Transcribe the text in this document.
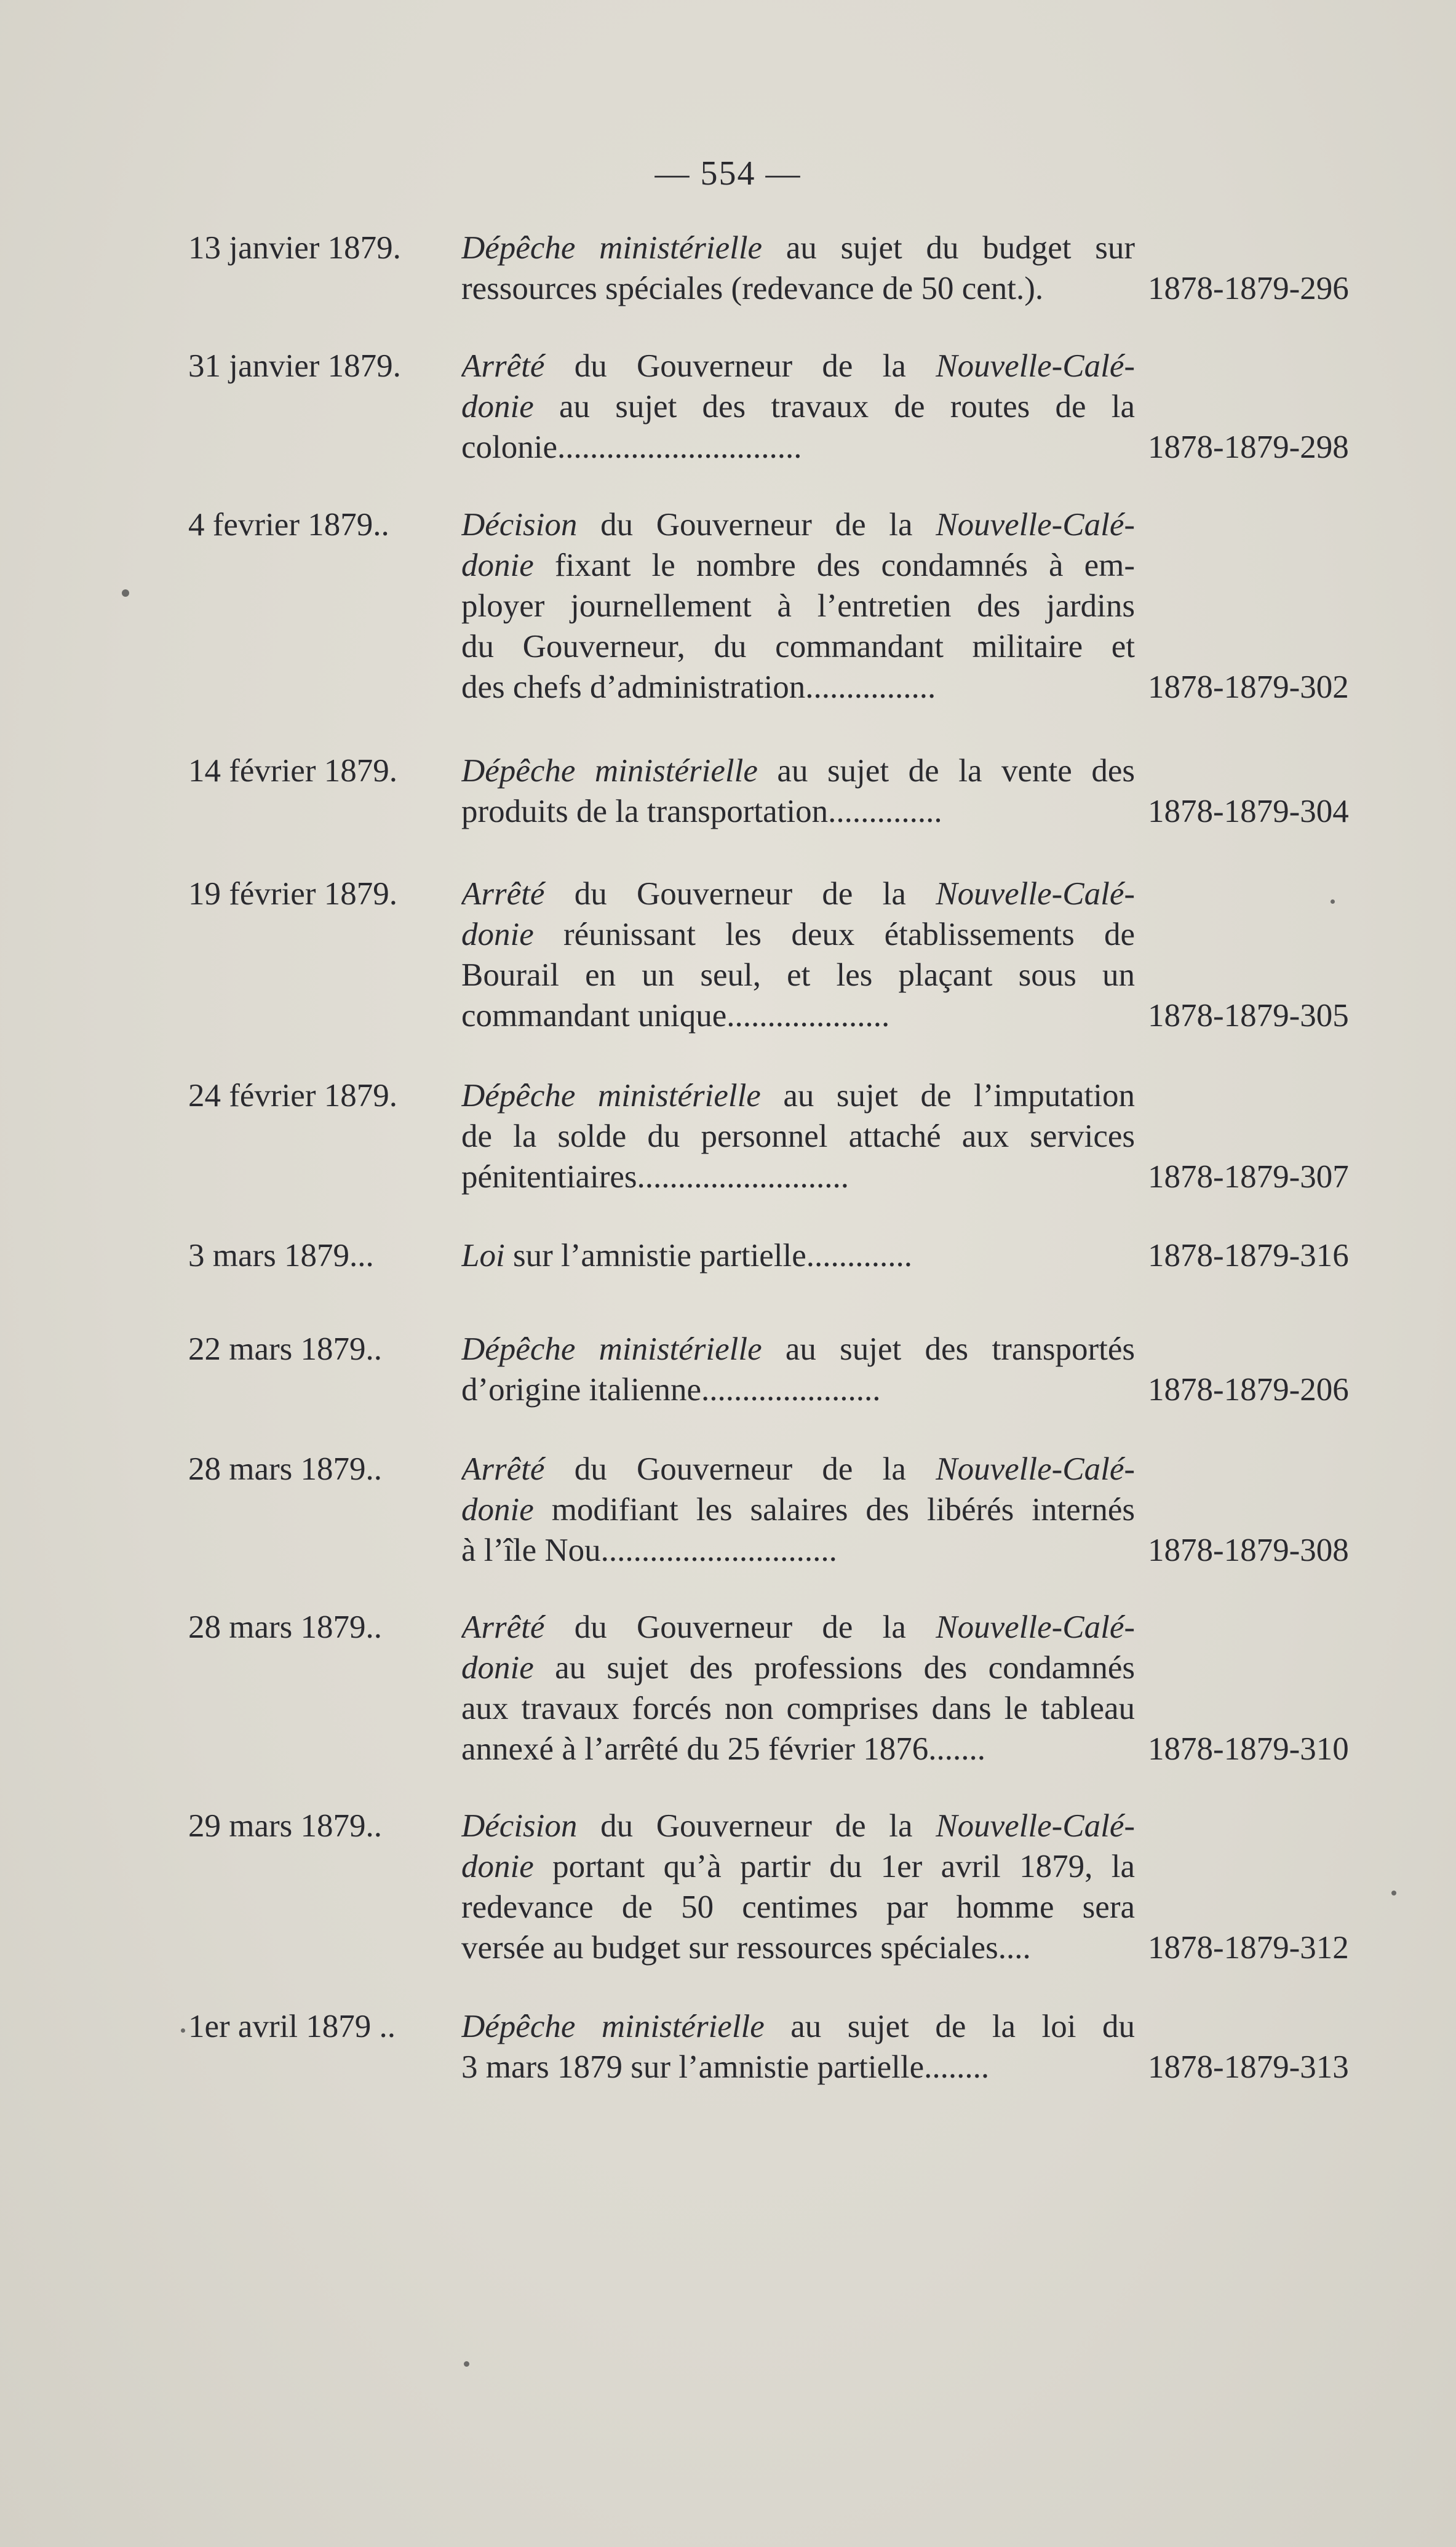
— 554 —
13 janvier 1879. Dépêche ministérielle au sujet du budget sur
ressources spéciales (redevance de 50 cent.).	1878-1879-296
31 janvier 1879. Arrêté du Gouverneur de la Nouvelle-Calé-
donie au sujet des travaux de routes de la
colonie..............................	1878-1879-298
4 fevrier 1879.. Décision du Gouverneur de la Nouvelle-Calé-
donie fixant le nombre des condamnés à em-
ployer journellement à l’entretien des jardins
du Gouverneur, du commandant militaire et
des chefs d’administration................	1878-1879-302
14 février 1879. Dépêche ministérielle au sujet de la vente des
produits de la transportation..............	1878-1879-304
19 février 1879. Arrêté du Gouverneur de la Nouvelle-Calé-
donie réunissant les deux établissements de
Bourail en un seul, et les plaçant sous un
commandant unique....................	1878-1879-305
24 février 1879. Dépêche ministérielle au sujet de l’imputation
de la solde du personnel attaché aux services
pénitentiaires..........................	1878-1879-307
3 mars 1879...	Loi sur l’amnistie partielle.............	1878-1879-316
22 mars 1879.. Dépêche ministérielle au sujet des transportés
d’origine italienne......................	1878-1879-206
28 mars 1879.. Arrêté du Gouverneur de la Nouvelle-Calé-
donie modifiant les salaires des libérés internés
à l’île Nou.............................	1878-1879-308
28 mars 1879.. Arrêté du Gouverneur de la Nouvelle-Calé-
donie au sujet des professions des condamnés
aux travaux forcés non comprises dans le tableau
annexé à l’arrêté du 25 février 1876.......	1878-1879-310
29 mars 1879.. Décision du Gouverneur de la Nouvelle-Calé-
donie portant qu’à partir du 1er avril 1879, la
redevance de 50 centimes par homme sera
versée au budget sur ressources spéciales....	1878-1879-312
1er avril 1879 .. Dépêche ministérielle au sujet de la loi du
3 mars 1879 sur l’amnistie partielle........	1878-1879-313
